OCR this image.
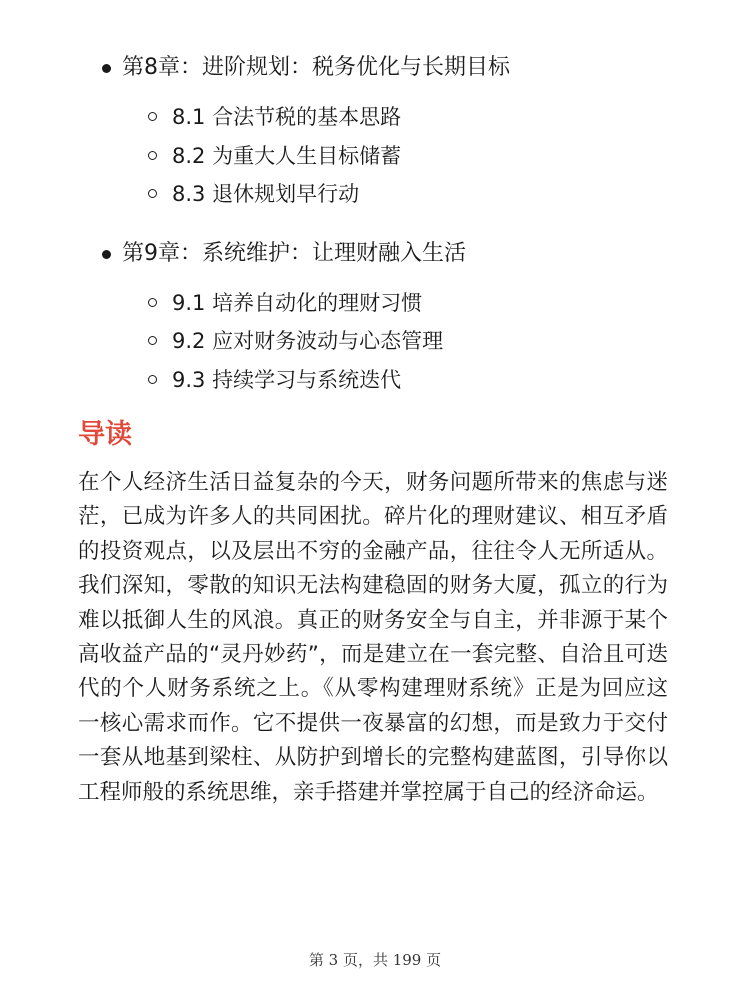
第8章：进阶规划：税务优化与长期目标
8.1 合法节税的基本思路
8.2 为重大人生目标储蓄
8.3 退休规划早行动
第9章：系统维护：让理财融入生活
9.1 培养自动化的理财习惯
9.2 应对财务波动与心态管理
9.3 持续学习与系统迭代
导读

在个人经济生活日益复杂的今天，财务问题所带来的焦虑与迷茫，已成为许多人的共同困扰。碎片化的理财建议、相互矛盾的投资观点，以及层出不穷的金融产品，往往令人无所适从。我们深知，零散的知识无法构建稳固的财务大厦，孤立的行为难以抵御人生的风浪。真正的财务安全与自主，并非源于某个高收益产品的“灵丹妙药”，而是建立在一套完整、自洽且可迭代的个人财务系统之上。《从零构建理财系统》正是为回应这一核心需求而作。它不提供一夜暴富的幻想，而是致力于交付一套从地基到梁柱、从防护到增长的完整构建蓝图，引导你以工程师般的系统思维，亲手搭建并掌控属于自己的经济命运。

第 3 页，共 199 页
